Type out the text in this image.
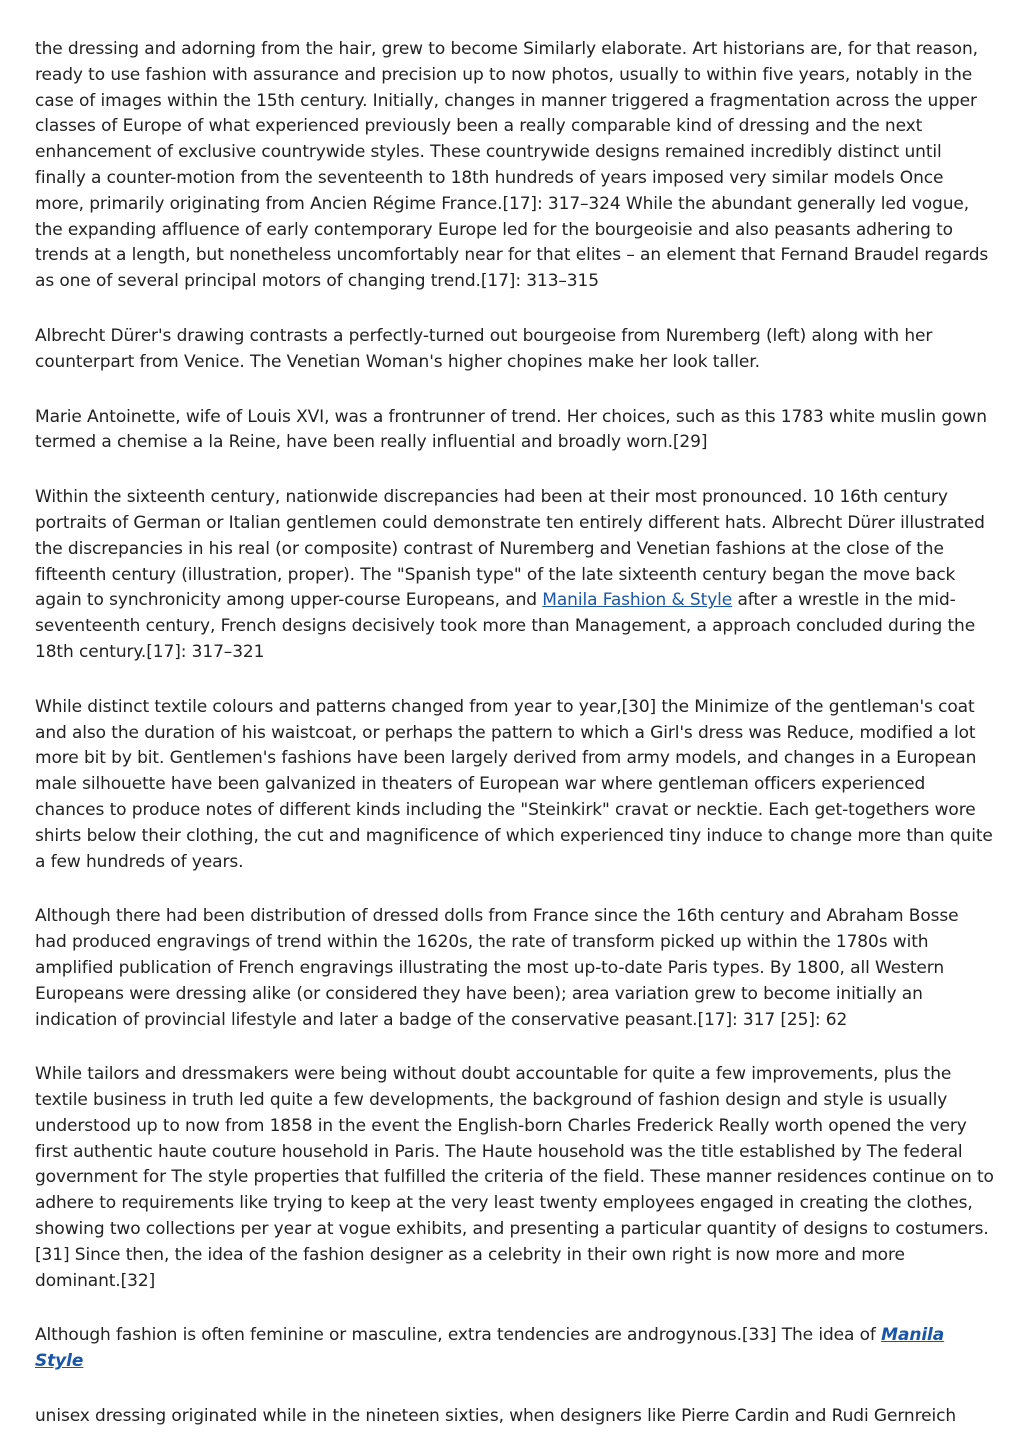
the dressing and adorning from the hair, grew to become Similarly elaborate. Art historians are, for that reason, ready to use fashion with assurance and precision up to now photos, usually to within five years, notably in the case of images within the 15th century. Initially, changes in manner triggered a fragmentation across the upper classes of Europe of what experienced previously been a really comparable kind of dressing and the next enhancement of exclusive countrywide styles. These countrywide designs remained incredibly distinct until finally a counter-motion from the seventeenth to 18th hundreds of years imposed very similar models Once more, primarily originating from Ancien Régime France.[17]: 317–324 While the abundant generally led vogue, the expanding affluence of early contemporary Europe led for the bourgeoisie and also peasants adhering to trends at a length, but nonetheless uncomfortably near for that elites – an element that Fernand Braudel regards as one of several principal motors of changing trend.[17]: 313–315

Albrecht Dürer's drawing contrasts a perfectly-turned out bourgeoise from Nuremberg (left) along with her counterpart from Venice. The Venetian Woman's higher chopines make her look taller.

Marie Antoinette, wife of Louis XVI, was a frontrunner of trend. Her choices, such as this 1783 white muslin gown termed a chemise a la Reine, have been really influential and broadly worn.[29]

Within the sixteenth century, nationwide discrepancies had been at their most pronounced. 10 16th century portraits of German or Italian gentlemen could demonstrate ten entirely different hats. Albrecht Dürer illustrated the discrepancies in his real (or composite) contrast of Nuremberg and Venetian fashions at the close of the fifteenth century (illustration, proper). The "Spanish type" of the late sixteenth century began the move back again to synchronicity among upper-course Europeans, and Manila Fashion & Style after a wrestle in the mid-seventeenth century, French designs decisively took more than Management, a approach concluded during the 18th century.[17]: 317–321

While distinct textile colours and patterns changed from year to year,[30] the Minimize of the gentleman's coat and also the duration of his waistcoat, or perhaps the pattern to which a Girl's dress was Reduce, modified a lot more bit by bit. Gentlemen's fashions have been largely derived from army models, and changes in a European male silhouette have been galvanized in theaters of European war where gentleman officers experienced chances to produce notes of different kinds including the "Steinkirk" cravat or necktie. Each get-togethers wore shirts below their clothing, the cut and magnificence of which experienced tiny induce to change more than quite a few hundreds of years.

Although there had been distribution of dressed dolls from France since the 16th century and Abraham Bosse had produced engravings of trend within the 1620s, the rate of transform picked up within the 1780s with amplified publication of French engravings illustrating the most up-to-date Paris types. By 1800, all Western Europeans were dressing alike (or considered they have been); area variation grew to become initially an indication of provincial lifestyle and later a badge of the conservative peasant.[17]: 317 [25]: 62

While tailors and dressmakers were being without doubt accountable for quite a few improvements, plus the textile business in truth led quite a few developments, the background of fashion design and style is usually understood up to now from 1858 in the event the English-born Charles Frederick Really worth opened the very first authentic haute couture household in Paris. The Haute household was the title established by The federal government for The style properties that fulfilled the criteria of the field. These manner residences continue on to adhere to requirements like trying to keep at the very least twenty employees engaged in creating the clothes, showing two collections per year at vogue exhibits, and presenting a particular quantity of designs to costumers.[31] Since then, the idea of the fashion designer as a celebrity in their own right is now more and more dominant.[32]

Although fashion is often feminine or masculine, extra tendencies are androgynous.[33] The idea of Manila Style

unisex dressing originated while in the nineteen sixties, when designers like Pierre Cardin and Rudi Gernreich
